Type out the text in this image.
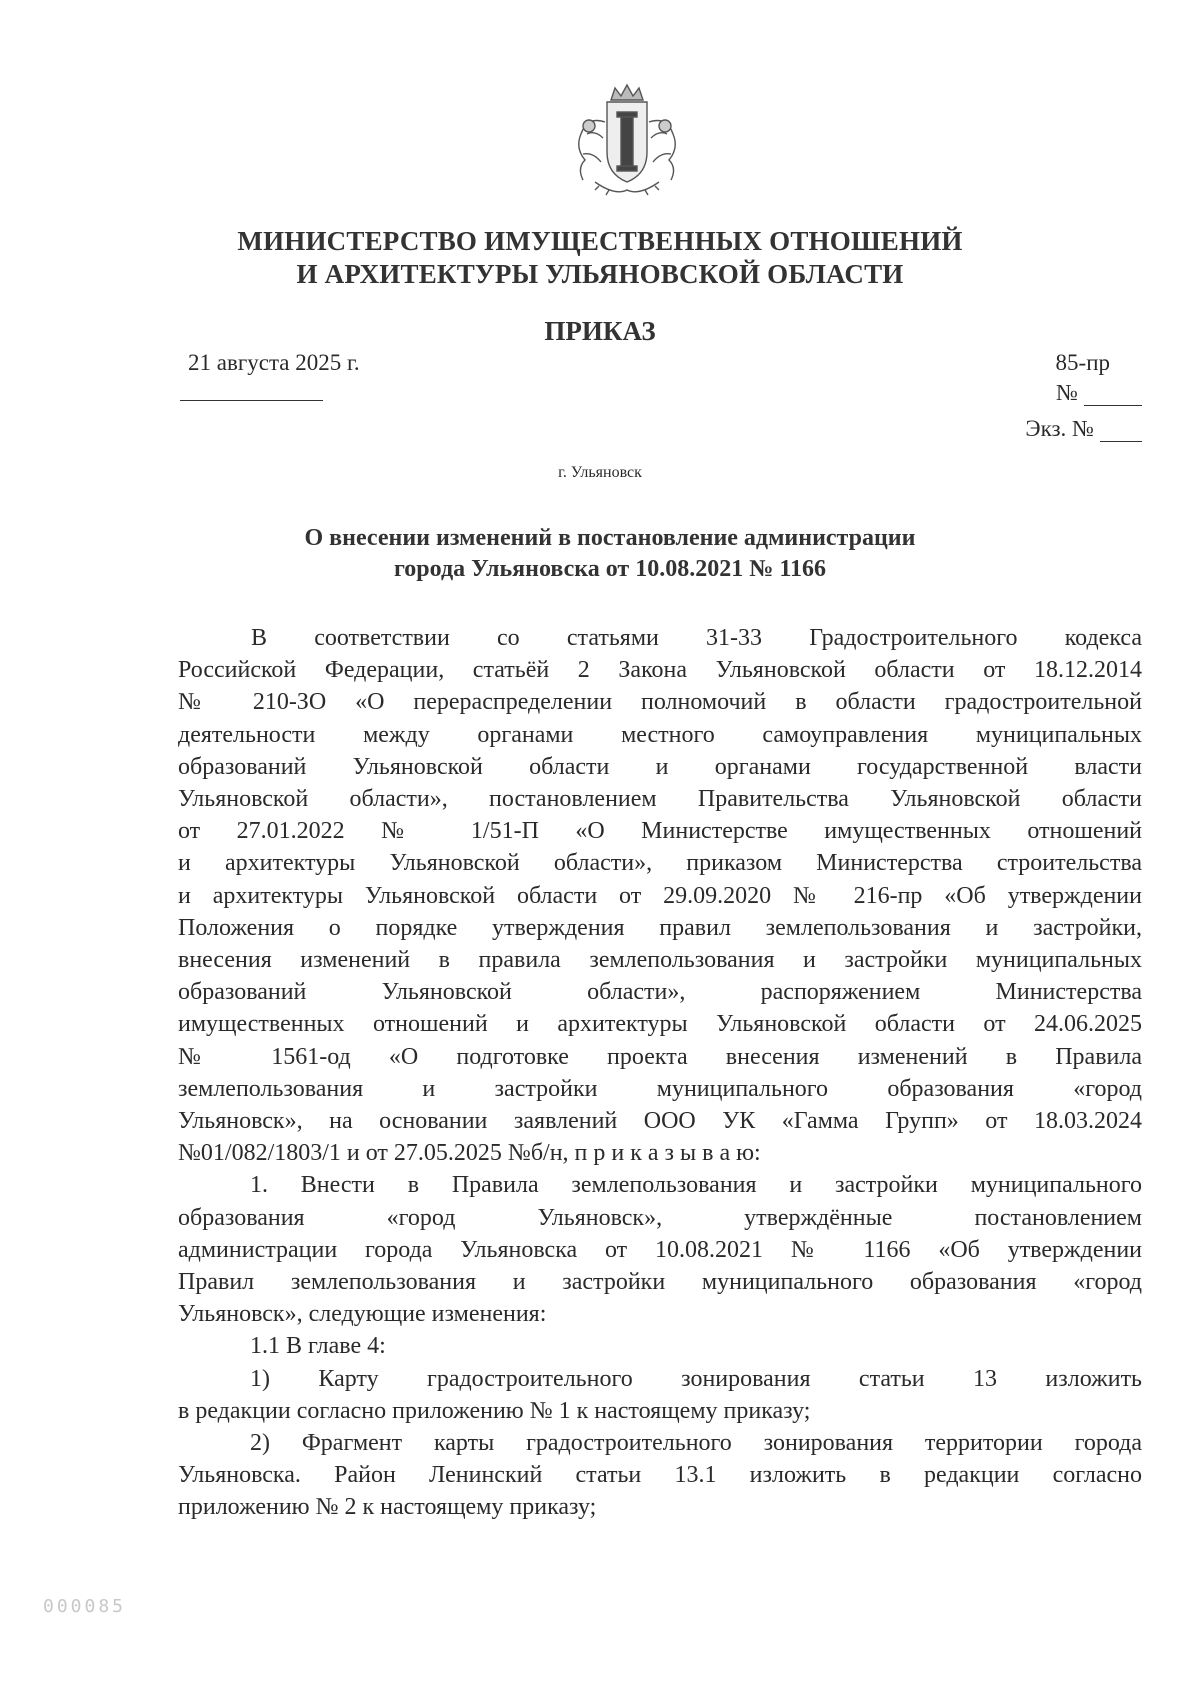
МИНИСТЕРСТВО ИМУЩЕСТВЕННЫХ ОТНОШЕНИЙ
И АРХИТЕКТУРЫ УЛЬЯНОВСКОЙ ОБЛАСТИ
ПРИКАЗ
21 августа 2025 г.	85-пр
№
Экз. №
г. Ульяновск
О внесении изменений в постановление администрации
города Ульяновска от 10.08.2021 № 1166

В соответствии со статьями 31-33 Градостроительного кодекса

Российской Федерации, статьёй 2 Закона Ульяновской области от 18.12.2014

№ 210-ЗО «О перераспределении полномочий в области градостроительной

деятельности между органами местного самоуправления муниципальных

образований Ульяновской области и органами государственной власти

Ульяновской области», постановлением Правительства Ульяновской области

от 27.01.2022 № 1/51-П «О Министерстве имущественных отношений

и архитектуры Ульяновской области», приказом Министерства строительства

и архитектуры Ульяновской области от 29.09.2020 № 216-пр «Об утверждении

Положения о порядке утверждения правил землепользования и застройки,

внесения изменений в правила землепользования и застройки муниципальных

образований Ульяновской области», распоряжением Министерства

имущественных отношений и архитектуры Ульяновской области от 24.06.2025

№ 1561-од «О подготовке проекта внесения изменений в Правила

землепользования и застройки муниципального образования «город

Ульяновск», на основании заявлений ООО УК «Гамма Групп» от 18.03.2024

№01/082/1803/1 и от 27.05.2025 №б/н, п р и к а з ы в а ю:

1. Внести в Правила землепользования и застройки муниципального

образования «город Ульяновск», утверждённые постановлением

администрации города Ульяновска от 10.08.2021 № 1166 «Об утверждении

Правил землепользования и застройки муниципального образования «город

Ульяновск», следующие изменения:

1.1 В главе 4:

1) Карту градостроительного зонирования статьи 13 изложить

в редакции согласно приложению № 1 к настоящему приказу;

2) Фрагмент карты градостроительного зонирования территории города

Ульяновска. Район Ленинский статьи 13.1 изложить в редакции согласно

приложению № 2 к настоящему приказу;

000085
